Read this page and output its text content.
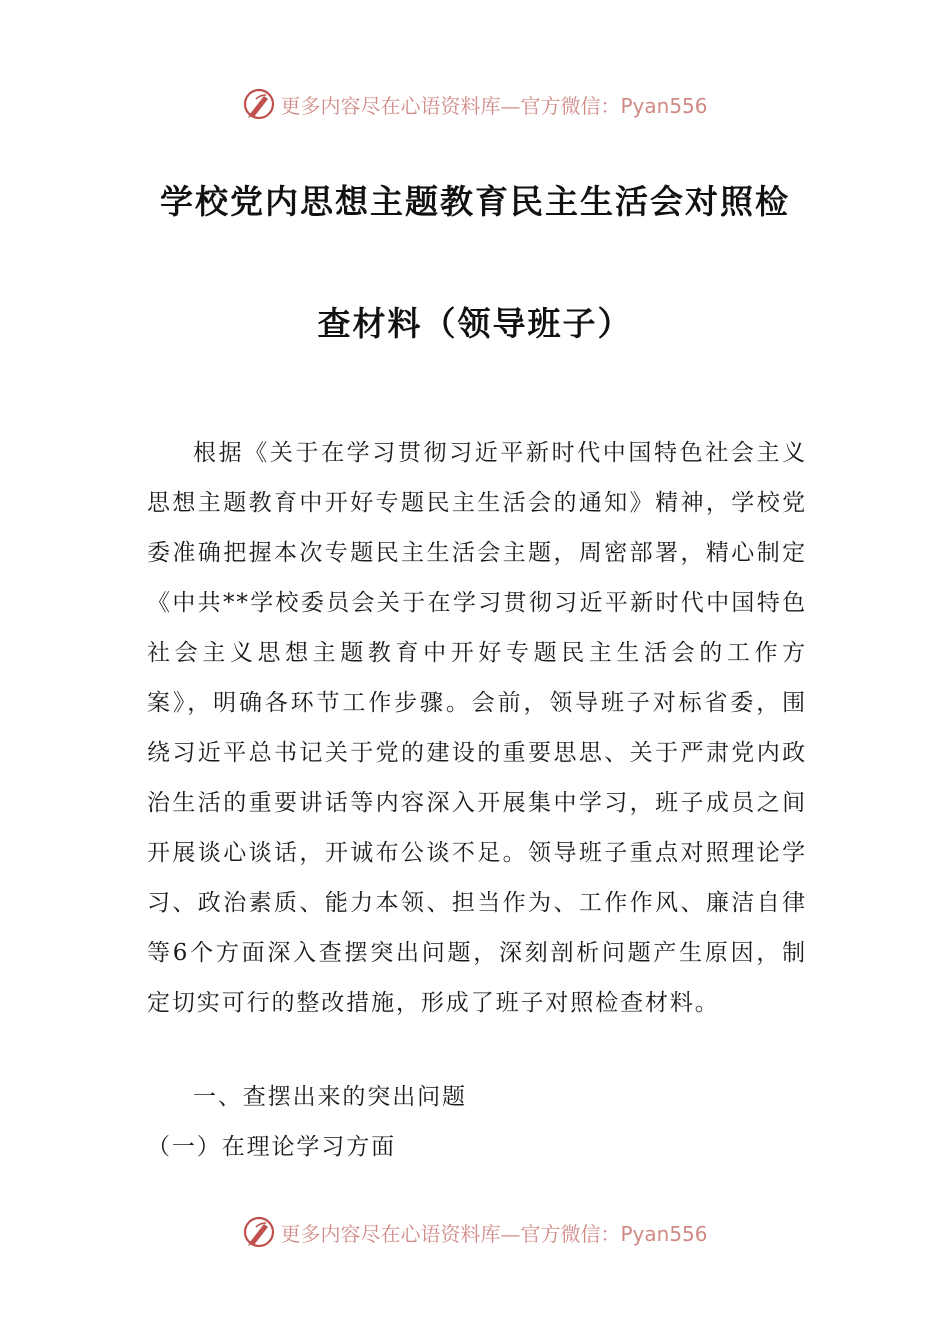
更多内容尽在心语资料库—官方微信：Pyan556
学校党内思想主题教育民主生活会对照检
查材料（领导班子）

根据《关于在学习贯彻习近平新时代中国特色社会主义思想主题教育中开好专题民主生活会的通知》精神，学校党委准确把握本次专题民主生活会主题，周密部署，精心制定《中共**学校委员会关于在学习贯彻习近平新时代中国特色社会主义思想主题教育中开好专题民主生活会的工作方案》，明确各环节工作步骤。会前，领导班子对标省委，围绕习近平总书记关于党的建设的重要思思、关于严肃党内政治生活的重要讲话等内容深入开展集中学习，班子成员之间开展谈心谈话，开诚布公谈不足。领导班子重点对照理论学习、政治素质、能力本领、担当作为、工作作风、廉洁自律等6个方面深入查摆突出问题，深刻剖析问题产生原因，制定切实可行的整改措施，形成了班子对照检查材料。

一、查摆出来的突出问题
（一）在理论学习方面
更多内容尽在心语资料库—官方微信：Pyan556
